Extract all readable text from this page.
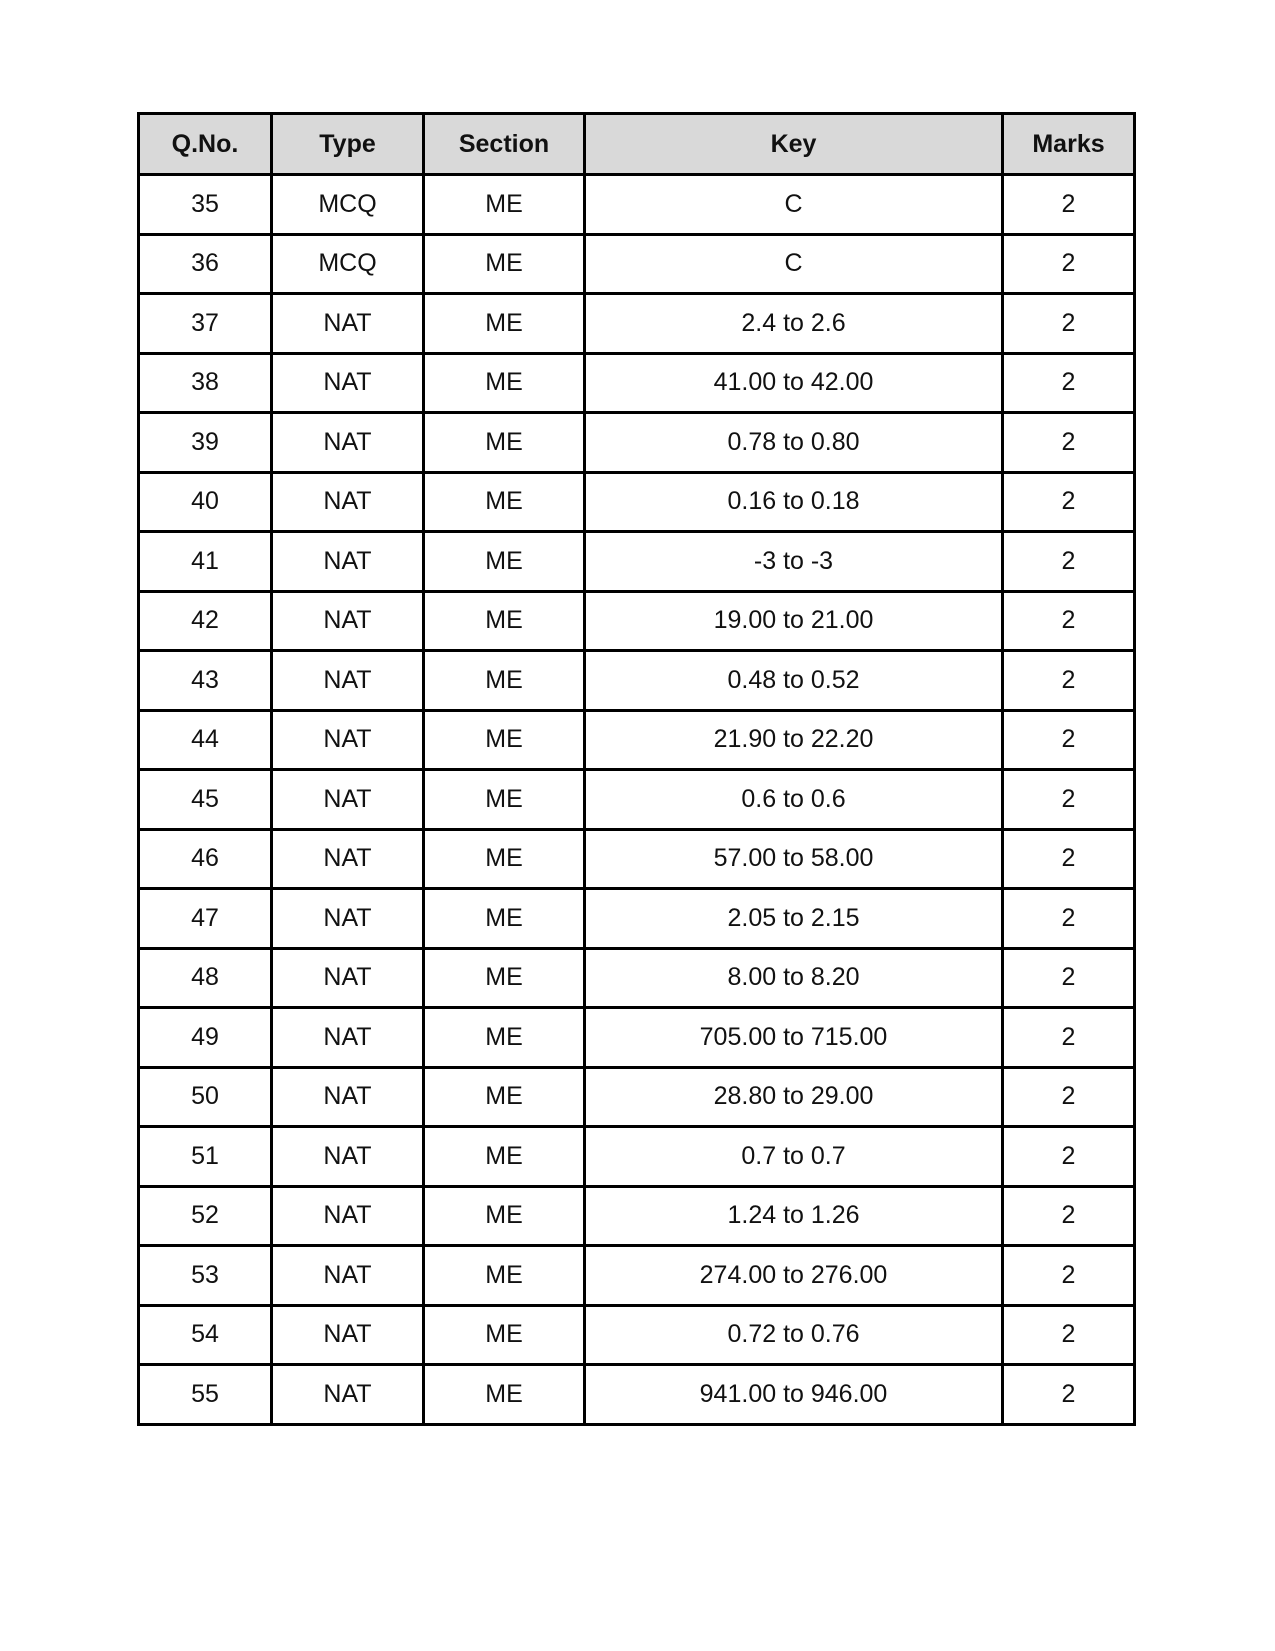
Q.No.	Type	Section	Key	Marks
35	MCQ	ME	C	2
36	MCQ	ME	C	2
37	NAT	ME	2.4 to 2.6	2
38	NAT	ME	41.00 to 42.00	2
39	NAT	ME	0.78 to 0.80	2
40	NAT	ME	0.16 to 0.18	2
41	NAT	ME	-3 to -3	2
42	NAT	ME	19.00 to 21.00	2
43	NAT	ME	0.48 to 0.52	2
44	NAT	ME	21.90 to 22.20	2
45	NAT	ME	0.6 to 0.6	2
46	NAT	ME	57.00 to 58.00	2
47	NAT	ME	2.05 to 2.15	2
48	NAT	ME	8.00 to 8.20	2
49	NAT	ME	705.00 to 715.00	2
50	NAT	ME	28.80 to 29.00	2
51	NAT	ME	0.7 to 0.7	2
52	NAT	ME	1.24 to 1.26	2
53	NAT	ME	274.00 to 276.00	2
54	NAT	ME	0.72 to 0.76	2
55	NAT	ME	941.00 to 946.00	2
